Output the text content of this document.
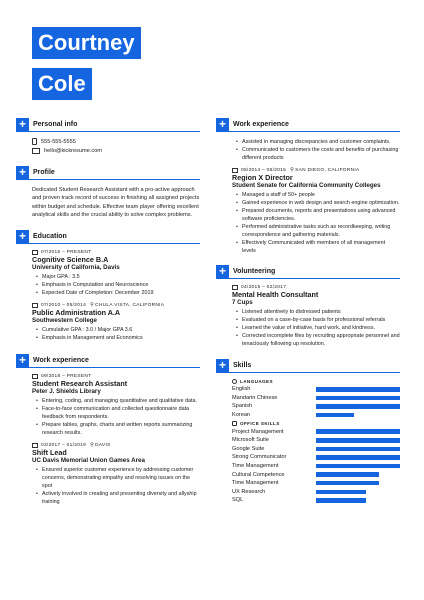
Courtney
Cole
+	Personal info
555-555-5555
hello@kickresume.com
+	Profile
Dedicated Student Research Assistant with a pro-active approach and proven track record of success in finishing all assigned projects within budget and schedule. Effective team player offering excellent analytical skills and the crucial ability to solve complex problems.
+	Education
07/2015 – PRESENT
Cognitive Science B.A
University of California, Davis
• Major GPA : 3.5
• Emphasis in Computation and Neuroscience
• Expected Date of Completion: December 2019
07/2010 – 05/2014 ⚲ CHULA VISTA, CALIFORNIA
Public Administration A.A
Southwestern College
• Cumulative GPA : 3.0 / Major GPA 3.6
• Emphasis in Management and Economics
+	Work experience
09/2018 – PRESENT
Student Research Assistant
Peter J. Shields Library
• Entering, coding, and managing quantitative and qualitative data.
• Face-to-face communication and collected questionnaire data feedback from respondents.
• Prepare tables, graphs, charts and written reports summarizing research results.
03/2017 – 01/2019 ⚲ DAVIS
Shift Lead
UC Davis Memorial Union Games Area
• Ensured superior customer experience by addressing customer concerns, demonstrating empathy and resolving issues on the spot
• Actively involved in creating and presenting diversity and allyship training
+	Work experience
• Assisted in managing discrepancies and customer complaints.
• Communicated to customers the costs and benefits of purchasing different products
05/2014 – 06/2015 ⚲ SAN DIEGO, CALIFORNIA
Region X Director
Student Senate for California Community Colleges
• Managed a staff of 50+ people
• Gained experience in web design and search engine optimization.
• Prepared documents, reports and presentations using advanced software proficiencies.
• Performed administrative tasks such as recordkeeping, writing correspondence and gathering materials.
• Effectively Communicated with members of all management levels
+	Volunteering
04/2015 – 02/2017
Mental Health Consultant
7 Cups
• Listened attentively to distressed patients
• Evaluated on a case-by-case basis for professional referrals
• Learned the value of initiative, hard work, and kindness.
• Corrected incomplete files by recruiting appropriate personnel and tenaciously following up resolution.
+	Skills
LANGUAGES
English
Mandarin Chinese
Spanish
Korean
OFFICE SKILLS
Project Management
Microsoft Suite
Google Suite
Strong Communicator
Time Management
Cultural Competence
Time Management
UX Research
SQL
